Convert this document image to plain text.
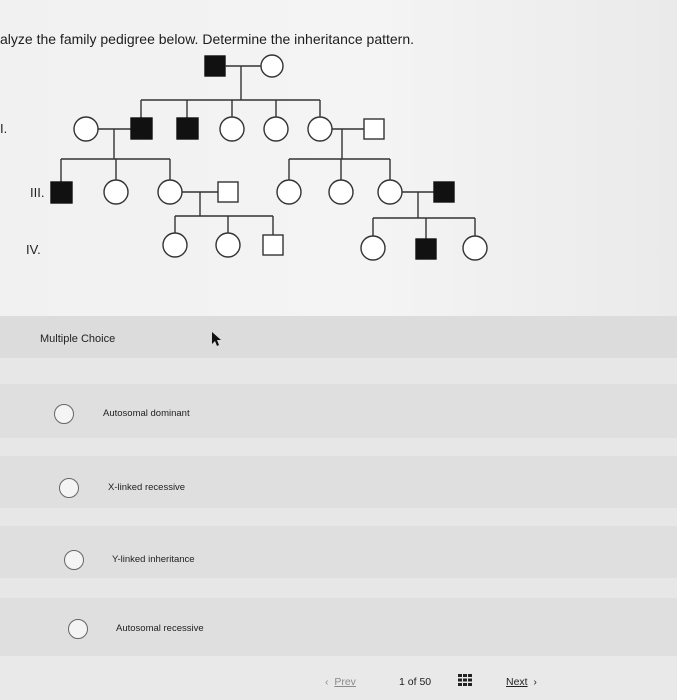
alyze the family pedigree below. Determine the inheritance pattern.
I.
III.
IV.
Multiple Choice
Autosomal dominant
X-linked recessive
Y-linked inheritance
Autosomal recessive
‹  Prev	1 of 50	Next  ›
